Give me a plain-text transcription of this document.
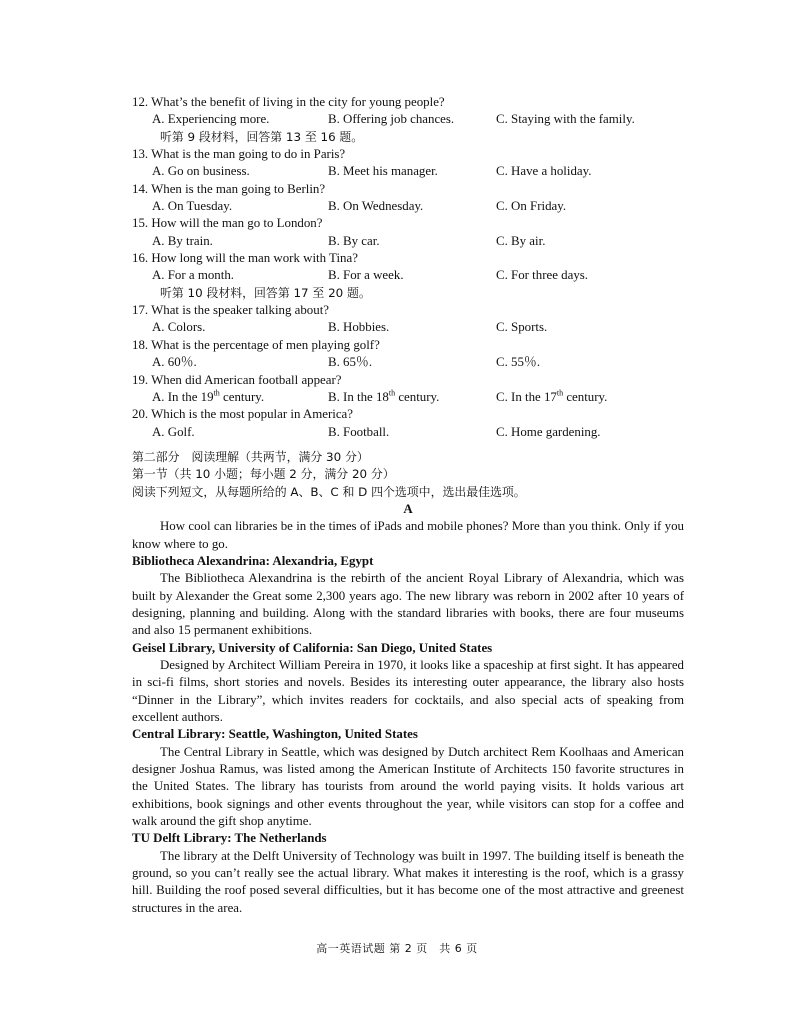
12. What’s the benefit of living in the city for young people?
A. Experiencing more.	B. Offering job chances.	C. Staying with the family.
听第 9 段材料，回答第 13 至 16 题。
13. What is the man going to do in Paris?
A. Go on business.	B. Meet his manager.	C. Have a holiday.
14. When is the man going to Berlin?
A. On Tuesday.	B. On Wednesday.	C. On Friday.
15. How will the man go to London?
A. By train.	B. By car.	C. By air.
16. How long will the man work with Tina?
A. For a month.	B. For a week.	C. For three days.
听第 10 段材料，回答第 17 至 20 题。
17. What is the speaker talking about?
A. Colors.	B. Hobbies.	C. Sports.
18. What is the percentage of men playing golf?
A. 60％.	B. 65％.	C. 55％.
19. When did American football appear?
A. In the 19th century.	B. In the 18th century.	C. In the 17th century.
20. Which is the most popular in America?
A. Golf.	B. Football.	C. Home gardening.
第二部分　阅读理解（共两节，满分 30 分）
第一节（共 10 小题；每小题 2 分，满分 20 分）
阅读下列短文，从每题所给的 A、B、C 和 D 四个选项中，选出最佳选项。
A
How cool can libraries be in the times of iPads and mobile phones? More than you think. Only if you know where to go.
Bibliotheca Alexandrina: Alexandria, Egypt
The Bibliotheca Alexandrina is the rebirth of the ancient Royal Library of Alexandria, which was built by Alexander the Great some 2,300 years ago. The new library was reborn in 2002 after 10 years of designing, planning and building. Along with the standard libraries with books, there are four museums and also 15 permanent exhibitions.
Geisel Library, University of California: San Diego, United States
Designed by Architect William Pereira in 1970, it looks like a spaceship at first sight. It has appeared in sci-fi films, short stories and novels. Besides its interesting outer appearance, the library also hosts “Dinner in the Library”, which invites readers for cocktails, and also special acts of speaking from excellent authors.
Central Library: Seattle, Washington, United States
The Central Library in Seattle, which was designed by Dutch architect Rem Koolhaas and American designer Joshua Ramus, was listed among the American Institute of Architects 150 favorite structures in the United States. The library has tourists from around the world paying visits. It holds various art exhibitions, book signings and other events throughout the year, while visitors can stop for a coffee and walk around the gift shop anytime.
TU Delft Library: The Netherlands
The library at the Delft University of Technology was built in 1997. The building itself is beneath the ground, so you can’t really see the actual library. What makes it interesting is the roof, which is a grassy hill. Building the roof posed several difficulties, but it has become one of the most attractive and greenest structures in the area.
高一英语试题 第 2 页　共 6 页
